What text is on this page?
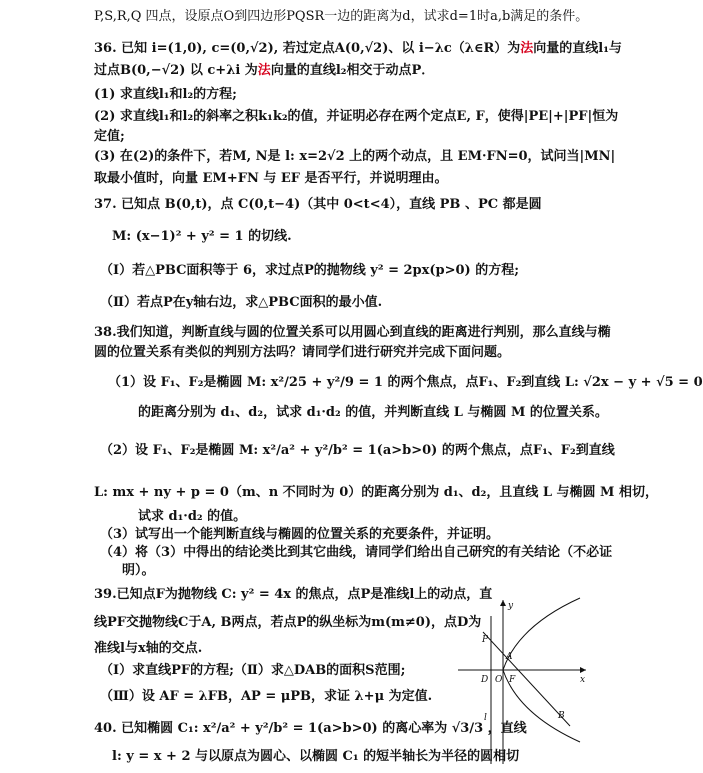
P,S,R,Q 四点，设原点O到四边形PQSR一边的距离为d，试求d=1时a,b满足的条件。
36. 已知 i=(1,0), c=(0,√2), 若过定点A(0,√2)、以 i−λc（λ∈R）为法向量的直线l₁与
过点B(0,−√2) 以 c+λi 为法向量的直线l₂相交于动点P．
(1) 求直线l₁和l₂的方程;
(2) 求直线l₁和l₂的斜率之积k₁k₂的值，并证明必存在两个定点E, F，使得|PE|+|PF|恒为
定值;
(3) 在(2)的条件下，若M, N是 l: x=2√2 上的两个动点，且 EM·FN=0，试问当|MN|
取最小值时，向量 EM+FN 与 EF 是否平行，并说明理由。
37. 已知点 B(0,t)，点 C(0,t−4)（其中 0<t<4），直线 PB 、PC 都是圆
M: (x−1)² + y² = 1 的切线.
（Ⅰ）若△PBC面积等于 6，求过点P的抛物线 y² = 2px(p>0) 的方程;
（Ⅱ）若点P在y轴右边，求△PBC面积的最小值.
38.我们知道，判断直线与圆的位置关系可以用圆心到直线的距离进行判别，那么直线与椭
圆的位置关系有类似的判别方法吗？请同学们进行研究并完成下面问题。
（1）设 F₁、F₂是椭圆 M: x²/25 + y²/9 = 1 的两个焦点，点F₁、F₂到直线 L: √2x − y + √5 = 0
的距离分别为 d₁、d₂，试求 d₁·d₂ 的值，并判断直线 L 与椭圆 M 的位置关系。
（2）设 F₁、F₂是椭圆 M: x²/a² + y²/b² = 1(a>b>0) 的两个焦点，点F₁、F₂到直线
L: mx + ny + p = 0（m、n 不同时为 0）的距离分别为 d₁、d₂，且直线 L 与椭圆 M 相切，
试求 d₁·d₂ 的值。
（3）试写出一个能判断直线与椭圆的位置关系的充要条件，并证明。
（4）将（3）中得出的结论类比到其它曲线，请同学们给出自己研究的有关结论（不必证
明）。
39.已知点F为抛物线 C: y² = 4x 的焦点，点P是准线l上的动点，直
线PF交抛物线C于A, B两点，若点P的纵坐标为m(m≠0)，点D为
准线l与x轴的交点.
（Ⅰ）求直线PF的方程;（Ⅱ）求△DAB的面积S范围;
（Ⅲ）设 AF = λFB，AP = μPB，求证 λ+μ 为定值.
40. 已知椭圆 C₁: x²/a² + y²/b² = 1(a>b>0) 的离心率为 √3/3 ，直线
l: y = x + 2 与以原点为圆心、以椭圆 C₁ 的短半轴长为半径的圆相切
y
x
P
A
B
D O F
l
